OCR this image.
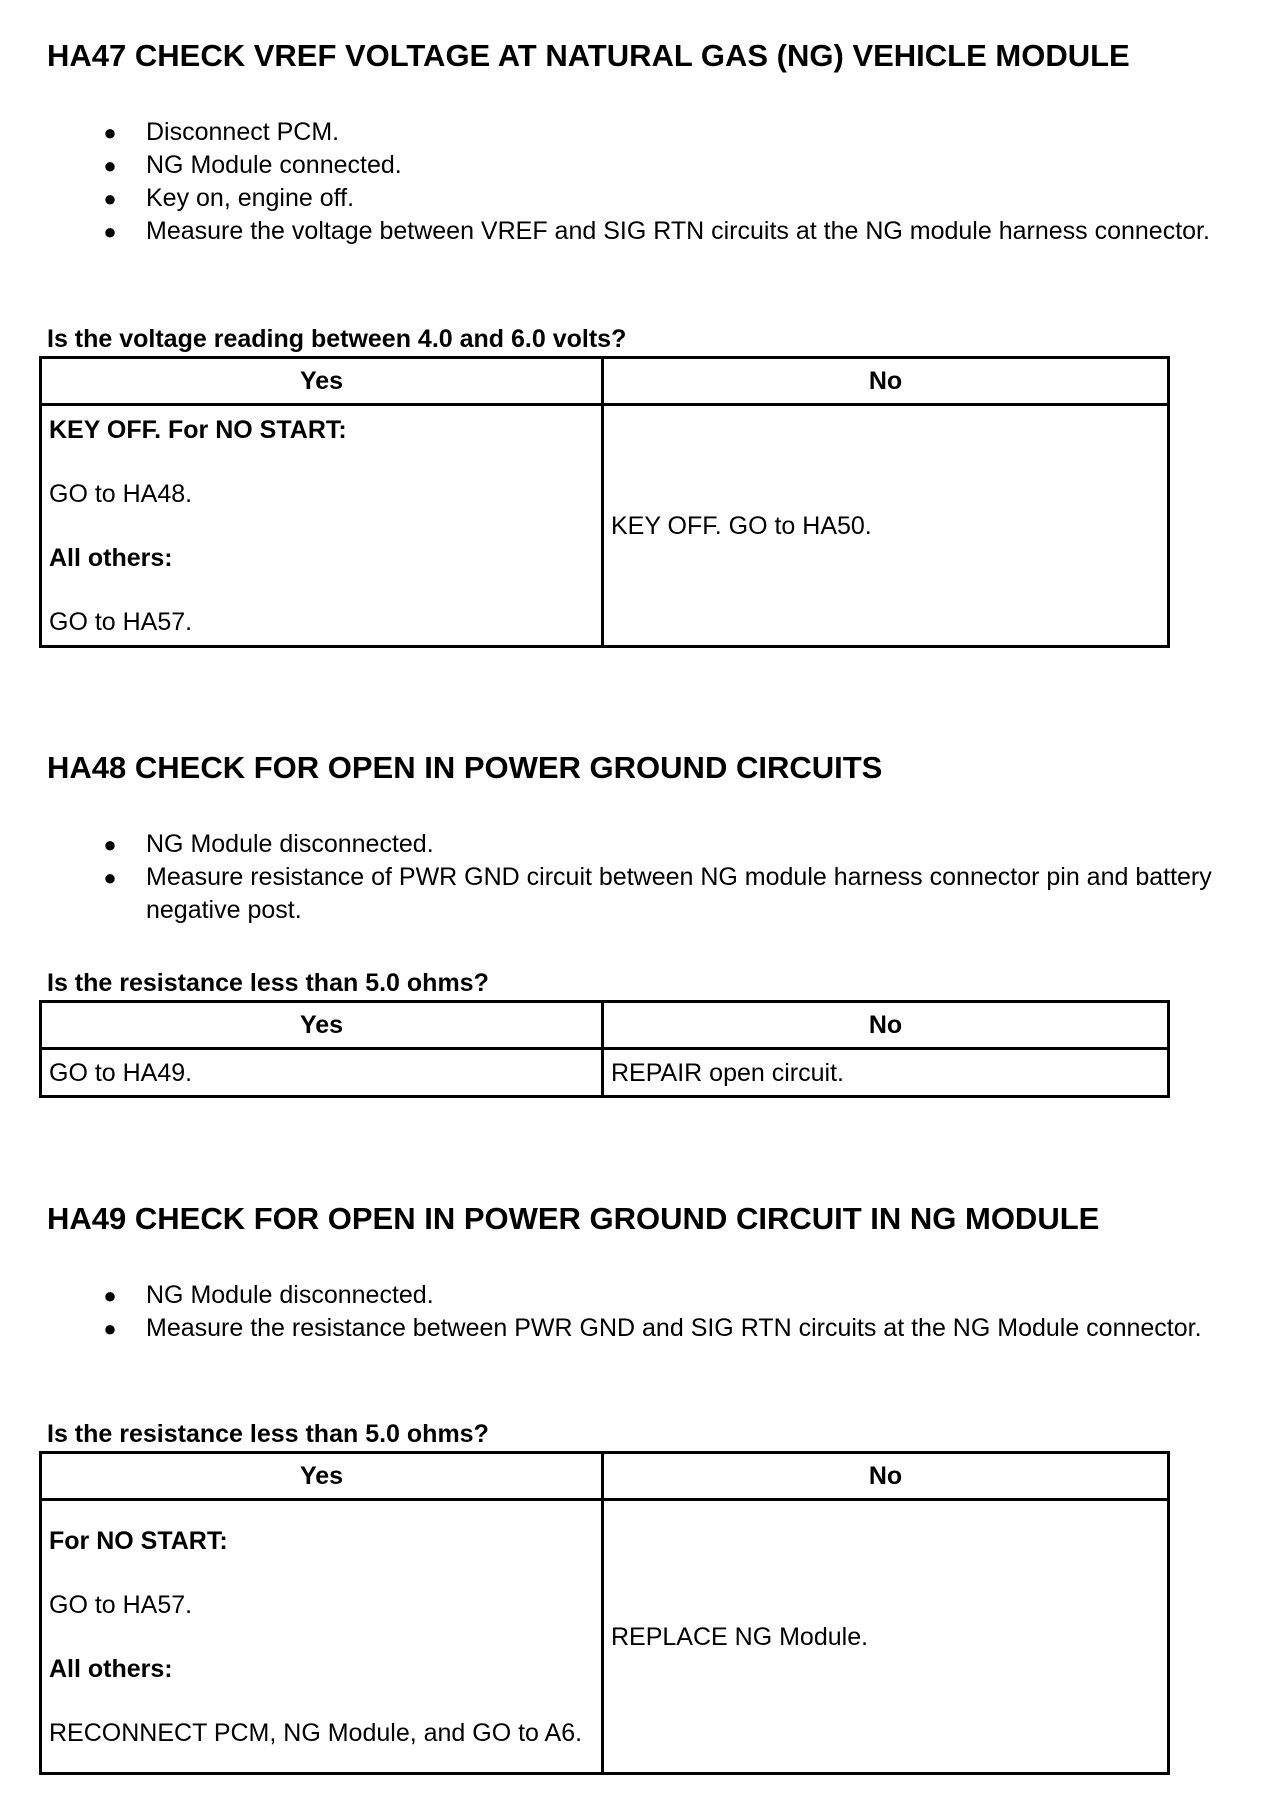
HA47 CHECK VREF VOLTAGE AT NATURAL GAS (NG) VEHICLE MODULE
● Disconnect PCM.
● NG Module connected.
● Key on, engine off.
● Measure the voltage between VREF and SIG RTN circuits at the NG module harness connector.

Is the voltage reading between 4.0 and 6.0 volts?

Yes	No

KEY OFF. For NO START:

GO to HA48.

All others:

GO to HA57.	KEY OFF. GO to HA50.
HA48 CHECK FOR OPEN IN POWER GROUND CIRCUITS
● NG Module disconnected.
● Measure resistance of PWR GND circuit between NG module harness connector pin and battery negative post.

Is the resistance less than 5.0 ohms?

Yes	No
GO to HA49.	REPAIR open circuit.
HA49 CHECK FOR OPEN IN POWER GROUND CIRCUIT IN NG MODULE
● NG Module disconnected.
● Measure the resistance between PWR GND and SIG RTN circuits at the NG Module connector.

Is the resistance less than 5.0 ohms?

Yes	No

For NO START:

GO to HA57.

All others:

RECONNECT PCM, NG Module, and GO to A6.	REPLACE NG Module.
